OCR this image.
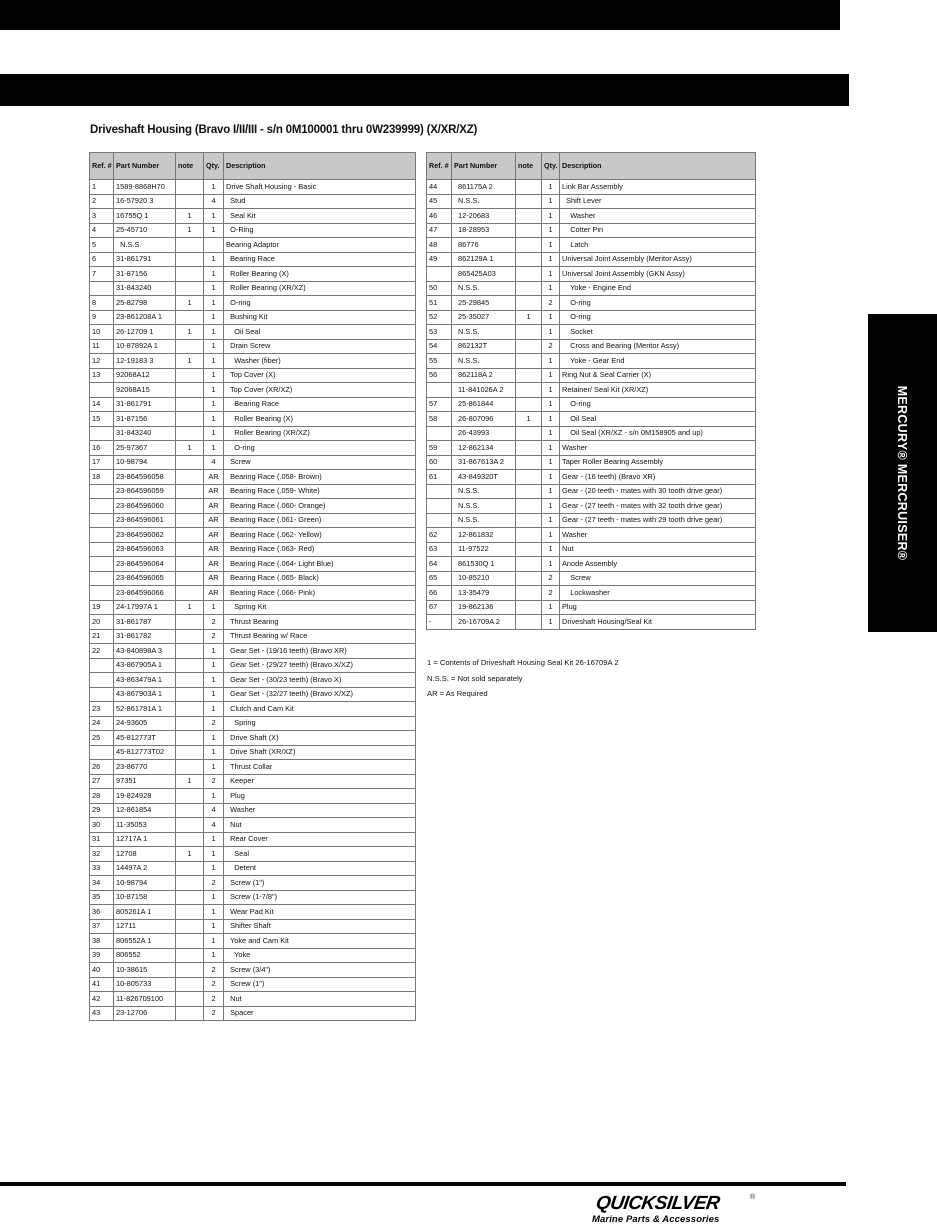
Driveshaft Housing (Bravo I/II/III - s/n 0M100001 thru 0W239999) (X/XR/XZ)
Ref. #	Part Number	note	Qty.	Description
1	1589-8868H70		1	Drive Shaft Housing - Basic
2	16-57920 3		4	Stud
3	16755Q 1	1	1	Seal Kit
4	25-45710	1	1	O-Ring
5	N.S.S.			Bearing Adaptor
6	31-861791		1	Bearing Race
7	31-87156		1	Roller Bearing (X)
	31-843240		1	Roller Bearing (XR/XZ)
8	25-82798	1	1	O-ring
9	23-861208A 1		1	Bushing Kit
10	26-12709 1	1	1	Oil Seal
11	10-87892A 1		1	Drain Screw
12	12-19183 3	1	1	Washer (fiber)
13	92068A12		1	Top Cover (X)
	92068A15		1	Top Cover (XR/XZ)
14	31-861791		1	Bearing Race
15	31-87156		1	Roller Bearing (X)
	31-843240		1	Roller Bearing (XR/XZ)
16	25-97367	1	1	O-ring
17	10-98794		4	Screw
18	23-864596058		AR	Bearing Race (.058- Brown)
	23-864596059		AR	Bearing Race (.059- White)
	23-864596060		AR	Bearing Race (.060- Orange)
	23-864596061		AR	Bearing Race (.061- Green)
	23-864596062		AR	Bearing Race (.062- Yellow)
	23-864596063		AR	Bearing Race (.063- Red)
	23-864596064		AR	Bearing Race (.064- Light Blue)
	23-864596065		AR	Bearing Race (.065- Black)
	23-864596066		AR	Bearing Race (.066- Pink)
19	24-17997A 1	1	1	Spring Kit
20	31-861787		2	Thrust Bearing
21	31-861782		2	Thrust Bearing w/ Race
22	43-840898A 3		1	Gear Set - (19/16 teeth) (Bravo XR)
	43-867905A 1		1	Gear Set - (29/27 teeth) (Bravo X/XZ)
	43-863479A 1		1	Gear Set - (30/23 teeth) (Bravo X)
	43-867903A 1		1	Gear Set - (32/27 teeth) (Bravo X/XZ)
23	52-861781A 1		1	Clutch and Cam Kit
24	24-93605		2	Spring
25	45-812773T		1	Drive Shaft (X)
	45-812773T02		1	Drive Shaft (XR/XZ)
26	23-86770		1	Thrust Collar
27	97351	1	2	Keeper
28	19-824928		1	Plug
29	12-861854		4	Washer
30	11-35053		4	Nut
31	12717A 1		1	Rear Cover
32	12708	1	1	Seal
33	14497A 2		1	Detent
34	10-98794		2	Screw (1")
35	10-87158		1	Screw (1-7/8")
36	805261A 1		1	Wear Pad Kit
37	12711		1	Shifter Shaft
38	806552A 1		1	Yoke and Cam Kit
39	806552		1	Yoke
40	10-38615		2	Screw (3/4")
41	10-805733		2	Screw (1")
42	11-826709100		2	Nut
43	23-12706		2	Spacer
Ref. #	Part Number	note	Qty.	Description
44	861175A 2		1	Link Bar Assembly
45	N.S.S.		1	Shift Lever
46	12-20683		1	Washer
47	18-28953		1	Cotter Pin
48	86776		1	Latch
49	862129A 1		1	Universal Joint Assembly (Meritor Assy)
	865425A03		1	Universal Joint Assembly (GKN Assy)
50	N.S.S.		1	Yoke - Engine End
51	25-29845		2	O-ring
52	25-35027	1	1	O-ring
53	N.S.S.		1	Socket
54	862132T		2	Cross and Bearing (Meritor Assy)
55	N.S.S.		1	Yoke - Gear End
56	862118A 2		1	Ring Nut & Seal Carrier (X)
	11-841026A 2		1	Retainer/ Seal Kit (XR/XZ)
57	25-861844		1	O-ring
58	26-807096	1	1	Oil Seal
	26-43993		1	Oil Seal (XR/XZ - s/n 0M158905 and up)
59	12-862134		1	Washer
60	31-867613A 2		1	Taper Roller Bearing Assembly
61	43-849320T		1	Gear - (16 teeth) (Bravo XR)
	N.S.S.		1	Gear - (20 teeth - mates with 30 tooth drive gear)
	N.S.S.		1	Gear - (27 teeth - mates with 32 tooth drive gear)
	N.S.S.		1	Gear - (27 teeth - mates with 29 tooth drive gear)
62	12-861832		1	Washer
63	11-97522		1	Nut
64	861530Q 1		1	Anode Assembly
65	10-85210		2	Screw
66	13-35479		2	Lockwasher
67	19-862136		1	Plug
-	26-16709A 2		1	Driveshaft Housing/Seal Kit
1 = Contents of Driveshaft Housing Seal Kit 26-16709A 2
N.S.S. = Not sold separately
AR = As Required
MERCURY® MERCRUISER®
QUICKSILVER	®
Marine Parts & Accessories
